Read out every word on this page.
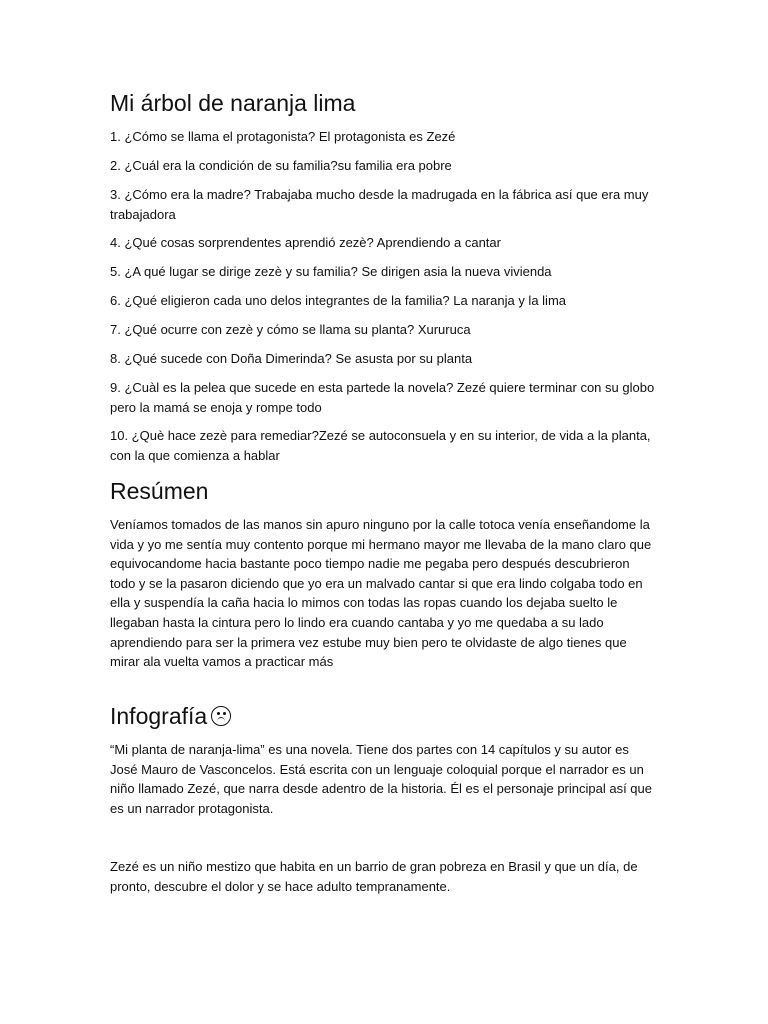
Mi árbol de naranja lima

1. ¿Cómo se llama el protagonista? El protagonista es Zezé

2. ¿Cuál era la condición de su familia?su familia era pobre

3. ¿Cómo era la madre? Trabajaba mucho desde la madrugada en la fábrica así que era muy trabajadora

4. ¿Qué cosas sorprendentes aprendió zezè? Aprendiendo a cantar

5. ¿A qué lugar se dirige zezè y su familia? Se dirigen asia la nueva vivienda

6. ¿Qué eligieron cada uno delos integrantes de la familia? La naranja y la lima

7. ¿Qué ocurre con zezè y cómo se llama su planta? Xururuca

8. ¿Qué sucede con Doña Dimerinda? Se asusta por su planta

9. ¿Cuàl es la pelea que sucede en esta partede la novela? Zezé quiere terminar con su globo pero la mamá se enoja y rompe todo

10. ¿Què hace zezè para remediar?Zezé se autoconsuela y en su interior, de vida a la planta, con la que comienza a hablar

Resúmen

Veníamos tomados de las manos sin apuro ninguno por la calle totoca venía enseñandome la vida y yo me sentía muy contento porque mi hermano mayor me llevaba de la mano claro que equivocandome hacia bastante poco tiempo nadie me pegaba pero después descubrieron todo y se la pasaron diciendo que yo era un malvado cantar si que era lindo colgaba todo en ella y suspendía la caña hacia lo mimos con todas las ropas cuando los dejaba suelto le llegaban hasta la cintura pero lo lindo era cuando cantaba y yo me quedaba a su lado aprendiendo para ser la primera vez estube muy bien pero te olvidaste de algo tienes que mirar ala vuelta vamos a practicar más

Infografía

“Mi planta de naranja-lima” es una novela. Tiene dos partes con 14 capítulos y su autor es José Mauro de Vasconcelos. Está escrita con un lenguaje coloquial porque el narrador es un niño llamado Zezé, que narra desde adentro de la historia. Él es el personaje principal así que es un narrador protagonista.

Zezé es un niño mestizo que habita en un barrio de gran pobreza en Brasil y que un día, de pronto, descubre el dolor y se hace adulto tempranamente.
